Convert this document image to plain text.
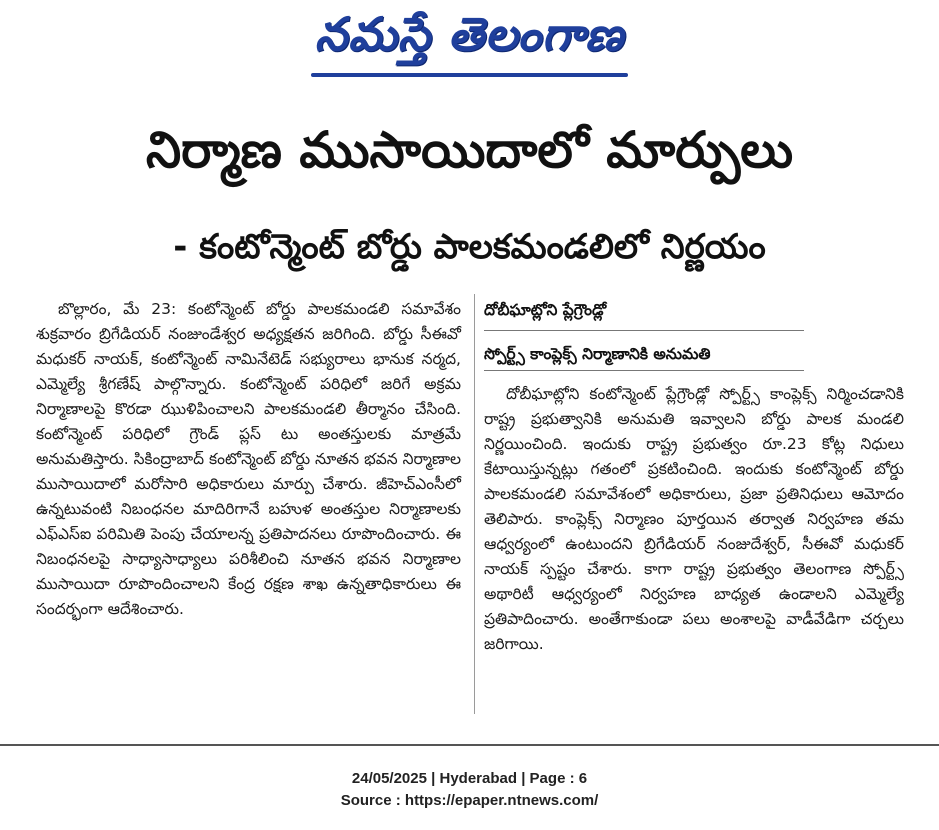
నమస్తే తెలంగాణ
నిర్మాణ ముసాయిదాలో మార్పులు
- కంటోన్మెంట్ బోర్డు పాలకమండలిలో నిర్ణయం

బొల్లారం, మే 23: కంటోన్మెంట్ బోర్డు పాలకమండలి సమావేశం శుక్రవారం బ్రిగేడియర్ నంజుండేశ్వర అధ్యక్షతన జరిగింది. బోర్డు సీఈవో మధుకర్ నాయక్, కంటోన్మెంట్ నామినేటెడ్ సభ్యురాలు భానుక నర్మద, ఎమ్మెల్యే శ్రీగణేష్ పాల్గొన్నారు. కంటోన్మెంట్ పరిధిలో జరిగే అక్రమ నిర్మాణాలపై కొరడా ఝుళిపించాలని పాలకమండలి తీర్మానం చేసింది. కంటోన్మెంట్ పరిధిలో గ్రౌండ్ ప్లస్ టు అంతస్తులకు మాత్రమే అనుమతిస్తారు. సికింద్రాబాద్ కంటోన్మెంట్ బోర్డు నూతన భవన నిర్మాణాల ముసాయిదాలో మరోసారి అధికారులు మార్పు చేశారు. జీహెచ్ఎంసీలో ఉన్నటువంటి నిబంధనల మాదిరిగానే బహుళ అంతస్తుల నిర్మాణాలకు ఎఫ్ఎస్ఐ పరిమితి పెంపు చేయాలన్న ప్రతిపాదనలు రూపొందించారు. ఈ నిబంధనలపై సాధ్యాసాధ్యాలు పరిశీలించి నూతన భవన నిర్మాణాల ముసాయిదా రూపొందించాలని కేంద్ర రక్షణ శాఖ ఉన్నతాధికారులు ఈ సందర్భంగా ఆదేశించారు.

దోబీఘాట్లోని ప్లేగ్రౌండ్లో
స్పోర్ట్స్ కాంప్లెక్స్ నిర్మాణానికి అనుమతి

దోబీఘాట్లోని కంటోన్మెంట్ ప్లేగ్రౌండ్లో స్పోర్ట్స్ కాంప్లెక్స్ నిర్మించడానికి రాష్ట్ర ప్రభుత్వానికి అనుమతి ఇవ్వాలని బోర్డు పాలక మండలి నిర్ణయించింది. ఇందుకు రాష్ట్ర ప్రభుత్వం రూ.23 కోట్ల నిధులు కేటాయిస్తున్నట్లు గతంలో ప్రకటించింది. ఇందుకు కంటోన్మెంట్ బోర్డు పాలకమండలి సమావేశంలో అధికారులు, ప్రజా ప్రతినిధులు ఆమోదం తెలిపారు. కాంప్లెక్స్ నిర్మాణం పూర్తయిన తర్వాత నిర్వహణ తమ ఆధ్వర్యంలో ఉంటుందని బ్రిగేడియర్ నంజుదేశ్వర్, సీఈవో మధుకర్ నాయక్ స్పష్టం చేశారు. కాగా రాష్ట్ర ప్రభుత్వం తెలంగాణ స్పోర్ట్స్ అథారిటీ ఆధ్వర్యంలో నిర్వహణ బాధ్యత ఉండాలని ఎమ్మెల్యే ప్రతిపాదించారు. అంతేగాకుండా పలు అంశాలపై వాడీవేడిగా చర్చలు జరిగాయి.

24/05/2025 | Hyderabad | Page : 6
Source : https://epaper.ntnews.com/
